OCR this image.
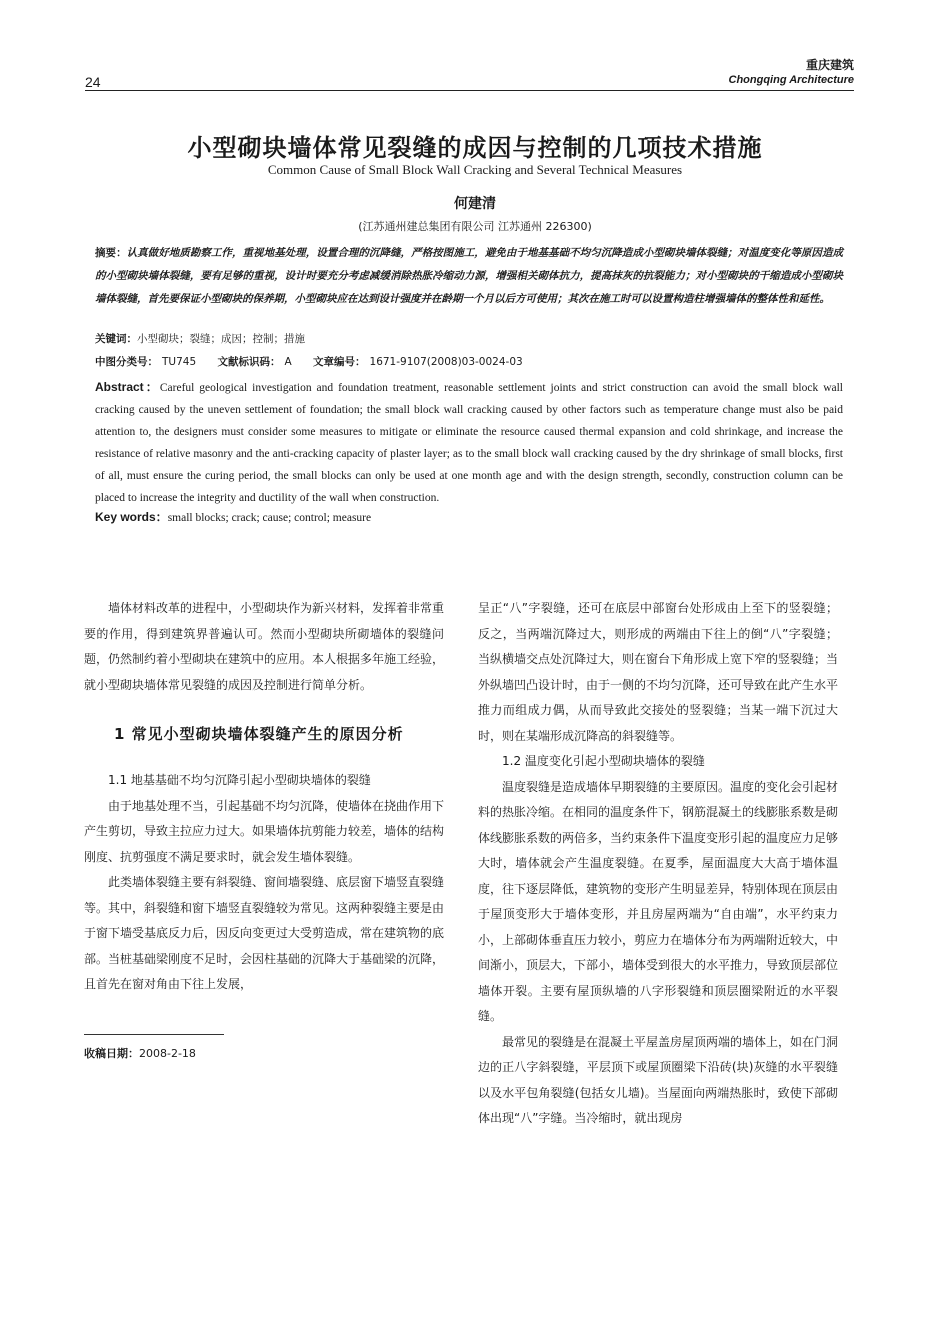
24
重庆建筑
Chongqing Architecture
小型砌块墙体常见裂缝的成因与控制的几项技术措施
Common Cause of Small Block Wall Cracking and Several Technical Measures
何建清
(江苏通州建总集团有限公司 江苏通州 226300)
摘要：认真做好地质勘察工作，重视地基处理，设置合理的沉降缝，严格按图施工，避免由于地基基础不均匀沉降造成小型砌块墙体裂缝；对温度变化等原因造成的小型砌块墙体裂缝，要有足够的重视，设计时要充分考虑减缓消除热胀冷缩动力源，增强相关砌体抗力，提高抹灰的抗裂能力；对小型砌块的干缩造成小型砌块墙体裂缝，首先要保证小型砌块的保养期，小型砌块应在达到设计强度并在龄期一个月以后方可使用；其次在施工时可以设置构造柱增强墙体的整体性和延性。
关键词：小型砌块；裂缝；成因；控制；措施
中图分类号： TU745 文献标识码： A 文章编号： 1671-9107(2008)03-0024-03
Abstract：Careful geological investigation and foundation treatment, reasonable settlement joints and strict construction can avoid the small block wall cracking caused by the uneven settlement of foundation; the small block wall cracking caused by other factors such as temperature change must also be paid attention to, the designers must consider some measures to mitigate or eliminate the resource caused thermal expansion and cold shrinkage, and increase the resistance of relative masonry and the anti-cracking capacity of plaster layer; as to the small block wall cracking caused by the dry shrinkage of small blocks, first of all, must ensure the curing period, the small blocks can only be used at one month age and with the design strength, secondly, construction column can be placed to increase the integrity and ductility of the wall when construction.
Key words：small blocks; crack; cause; control; measure

墙体材料改革的进程中，小型砌块作为新兴材料，发挥着非常重要的作用，得到建筑界普遍认可。然而小型砌块所砌墙体的裂缝问题，仍然制约着小型砌块在建筑中的应用。本人根据多年施工经验，就小型砌块墙体常见裂缝的成因及控制进行简单分析。

1 常见小型砌块墙体裂缝产生的原因分析

1.1 地基基础不均匀沉降引起小型砌块墙体的裂缝

由于地基处理不当，引起基础不均匀沉降，使墙体在挠曲作用下产生剪切，导致主拉应力过大。如果墙体抗剪能力较差，墙体的结构刚度、抗剪强度不满足要求时，就会发生墙体裂缝。

此类墙体裂缝主要有斜裂缝、窗间墙裂缝、底层窗下墙竖直裂缝等。其中，斜裂缝和窗下墙竖直裂缝较为常见。这两种裂缝主要是由于窗下墙受基底反力后，因反向变更过大受剪造成，常在建筑物的底部。当桩基础梁刚度不足时，会因柱基础的沉降大于基础梁的沉降，且首先在窗对角由下往上发展，

收稿日期：2008-2-18

呈正“八”字裂缝，还可在底层中部窗台处形成由上至下的竖裂缝；反之，当两端沉降过大，则形成的两端由下往上的倒“八”字裂缝；当纵横墙交点处沉降过大，则在窗台下角形成上宽下窄的竖裂缝；当外纵墙凹凸设计时，由于一侧的不均匀沉降，还可导致在此产生水平推力而组成力偶，从而导致此交接处的竖裂缝；当某一端下沉过大时，则在某端形成沉降高的斜裂缝等。

1.2 温度变化引起小型砌块墙体的裂缝

温度裂缝是造成墙体早期裂缝的主要原因。温度的变化会引起材料的热胀冷缩。在相同的温度条件下，钢筋混凝土的线膨胀系数是砌体线膨胀系数的两倍多，当约束条件下温度变形引起的温度应力足够大时，墙体就会产生温度裂缝。在夏季，屋面温度大大高于墙体温度，往下逐层降低，建筑物的变形产生明显差异，特别体现在顶层由于屋顶变形大于墙体变形，并且房屋两端为“自由端”，水平约束力小，上部砌体垂直压力较小，剪应力在墙体分布为两端附近较大，中间渐小，顶层大，下部小，墙体受到很大的水平推力，导致顶层部位墙体开裂。主要有屋顶纵墙的八字形裂缝和顶层圈梁附近的水平裂缝。

最常见的裂缝是在混凝土平屋盖房屋顶两端的墙体上，如在门洞边的正八字斜裂缝，平层顶下或屋顶圈梁下沿砖(块)灰缝的水平裂缝以及水平包角裂缝(包括女儿墙)。当屋面向两端热胀时，致使下部砌体出现“八”字缝。当冷缩时，就出现房
